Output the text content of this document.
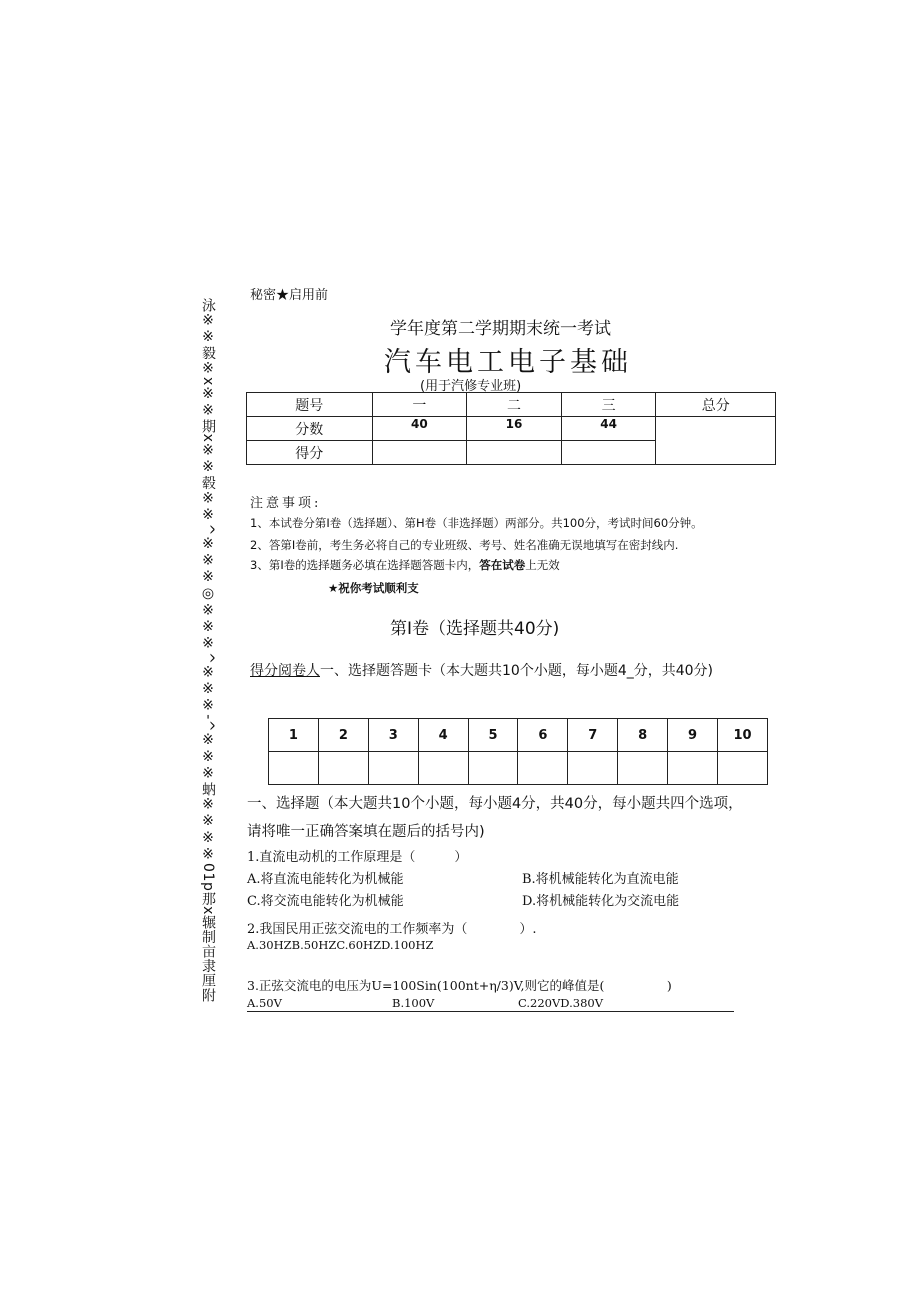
秘密★启用前
学年度第二学期期末统一考试
汽车电工电子基础
(用于汽修专业班)
题号	一	二	三	总分
分数	40	16	44	
得分				
注意事项:
1、本试卷分第I卷（选择题）、第H卷（非选择题）两部分。共100分，考试时间60分钟。
2、答第I卷前，考生务必将自己的专业班级、考号、姓名准确无误地填写在密封线内.
3、第I卷的选择题务必填在选择题答题卡内，答在试卷上无效
★祝你考试顺利支
第I卷（选择题共40分)
得分阅卷人一、选择题答题卡（本大题共10个小题，每小题4_分，共40分)
1	2	3	4	5	6	7	8	9	10

一、选择题（本大题共10个小题，每小题4分，共40分，每小题共四个选项，
请将唯一正确答案填在题后的括号内)
1.直流电动机的工作原理是（　　　）
A.将直流电能转化为机械能	B.将机械能转化为直流电能
C.将交流电能转化为机械能	D.将机械能转化为交流电能
2.我国民用正弦交流电的工作频率为（　　　　）.
A.30HZB.50HZC.60HZD.100HZ
3.正弦交流电的电压为U=100Sin(100nt+η/3)V,则它的峰值是(　　　　　)
A.50V	B.100V	C.220VD.380V
泳※※毅※x※※期x※※毂※※^※※※◎※※※^※※※-^※※※蚋※※※※01p那x辗制亩隶厘附
